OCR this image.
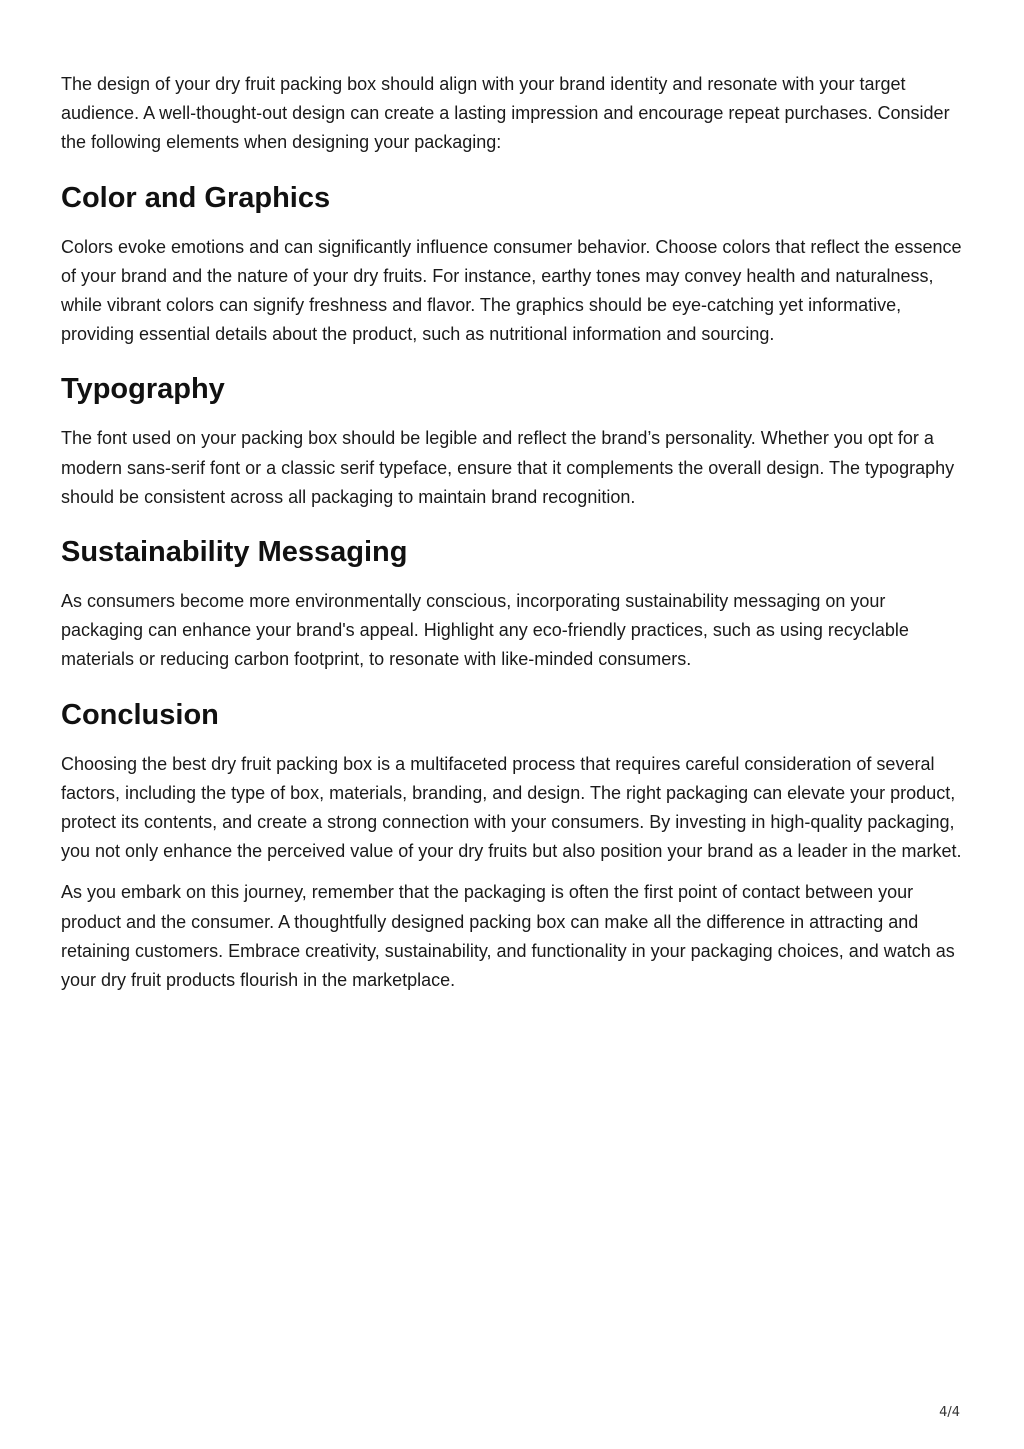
The design of your dry fruit packing box should align with your brand identity and resonate with your target audience. A well-thought-out design can create a lasting impression and encourage repeat purchases. Consider the following elements when designing your packaging:

Color and Graphics

Colors evoke emotions and can significantly influence consumer behavior. Choose colors that reflect the essence of your brand and the nature of your dry fruits. For instance, earthy tones may convey health and naturalness, while vibrant colors can signify freshness and flavor. The graphics should be eye-catching yet informative, providing essential details about the product, such as nutritional information and sourcing.

Typography

The font used on your packing box should be legible and reflect the brand’s personality. Whether you opt for a modern sans-serif font or a classic serif typeface, ensure that it complements the overall design. The typography should be consistent across all packaging to maintain brand recognition.

Sustainability Messaging

As consumers become more environmentally conscious, incorporating sustainability messaging on your packaging can enhance your brand's appeal. Highlight any eco-friendly practices, such as using recyclable materials or reducing carbon footprint, to resonate with like-minded consumers.

Conclusion

Choosing the best dry fruit packing box is a multifaceted process that requires careful consideration of several factors, including the type of box, materials, branding, and design. The right packaging can elevate your product, protect its contents, and create a strong connection with your consumers. By investing in high-quality packaging, you not only enhance the perceived value of your dry fruits but also position your brand as a leader in the market.

As you embark on this journey, remember that the packaging is often the first point of contact between your product and the consumer. A thoughtfully designed packing box can make all the difference in attracting and retaining customers. Embrace creativity, sustainability, and functionality in your packaging choices, and watch as your dry fruit products flourish in the marketplace.

4/4
